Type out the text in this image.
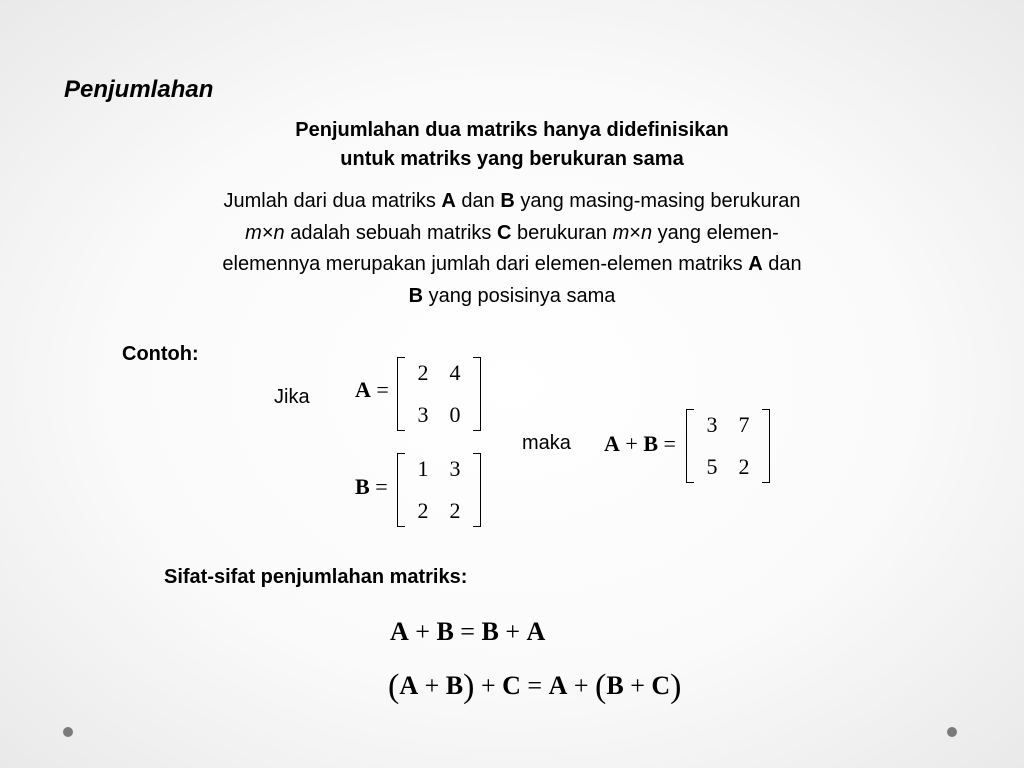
Penjumlahan
Penjumlahan dua matriks hanya didefinisikan
untuk matriks yang berukuran sama
Jumlah dari dua matriks A dan B yang masing-masing berukuran
m×n adalah sebuah matriks C berukuran m×n yang elemen-
elemennya merupakan jumlah dari elemen-elemen matriks A dan
B yang posisinya sama
Contoh:
Jika
maka
A =
2 4
3 0
B =
1 3
2 2
A + B =
3 7
5 2
Sifat-sifat penjumlahan matriks:
A + B = B + A
(A + B) + C = A + (B + C)
